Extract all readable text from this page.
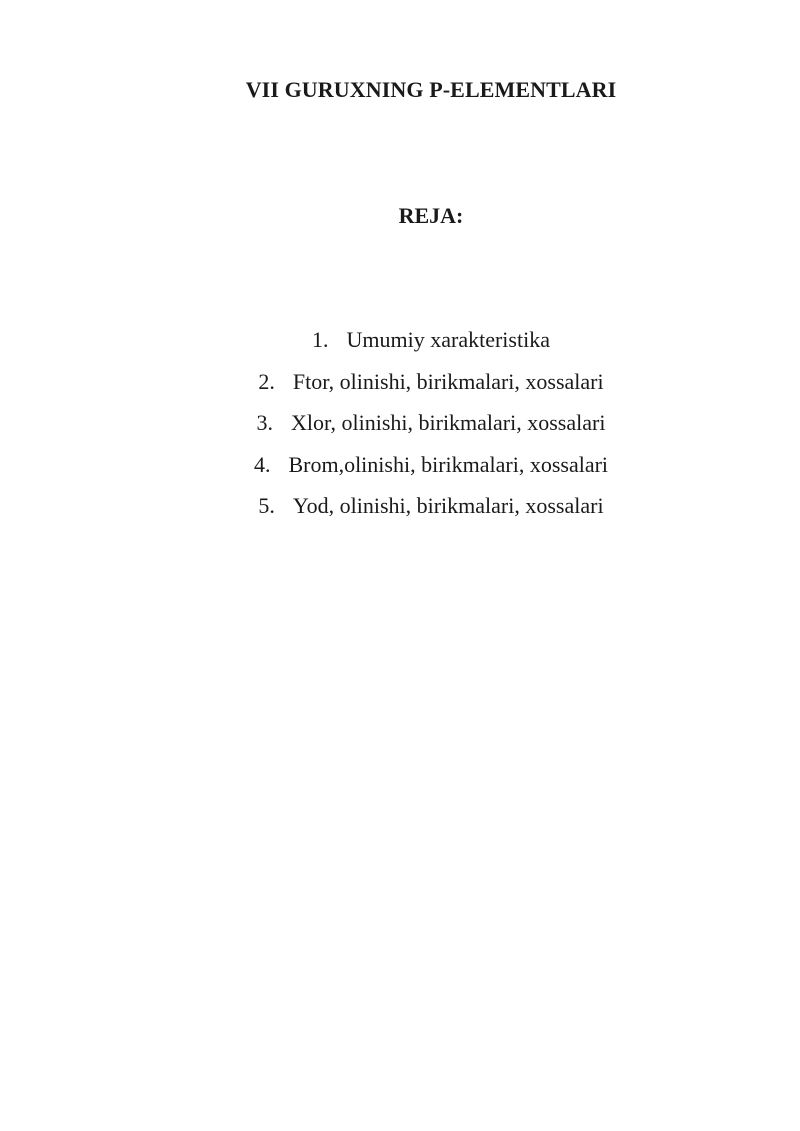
VII GURUXNING P-ELEMENTLARI
REJA:
1. Umumiy xarakteristika
2. Ftor, olinishi, birikmalari, xossalari
3. Xlor, olinishi, birikmalari, xossalari
4. Brom,olinishi, birikmalari, xossalari
5. Yod, olinishi, birikmalari, xossalari
